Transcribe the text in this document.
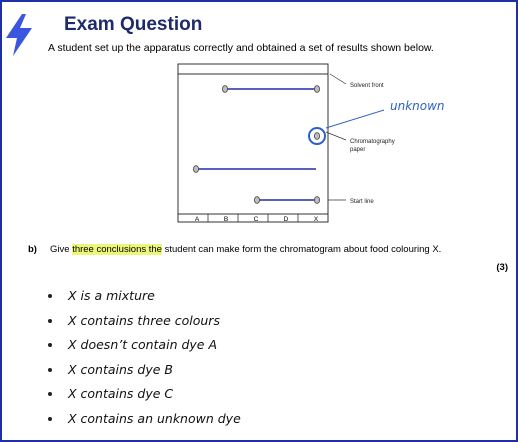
Exam Question
A student set up the apparatus correctly and obtained a set of results shown below.
A	B	C	D	X
Solvent front
unknown
Chromatography
paper
Start line
b) Give three conclusions the student can make form the chromatogram about food colouring X.
(3)
X is a mixture
X contains three colours
X doesn’t contain dye A
X contains dye B
X contains dye C
X contains an unknown dye
